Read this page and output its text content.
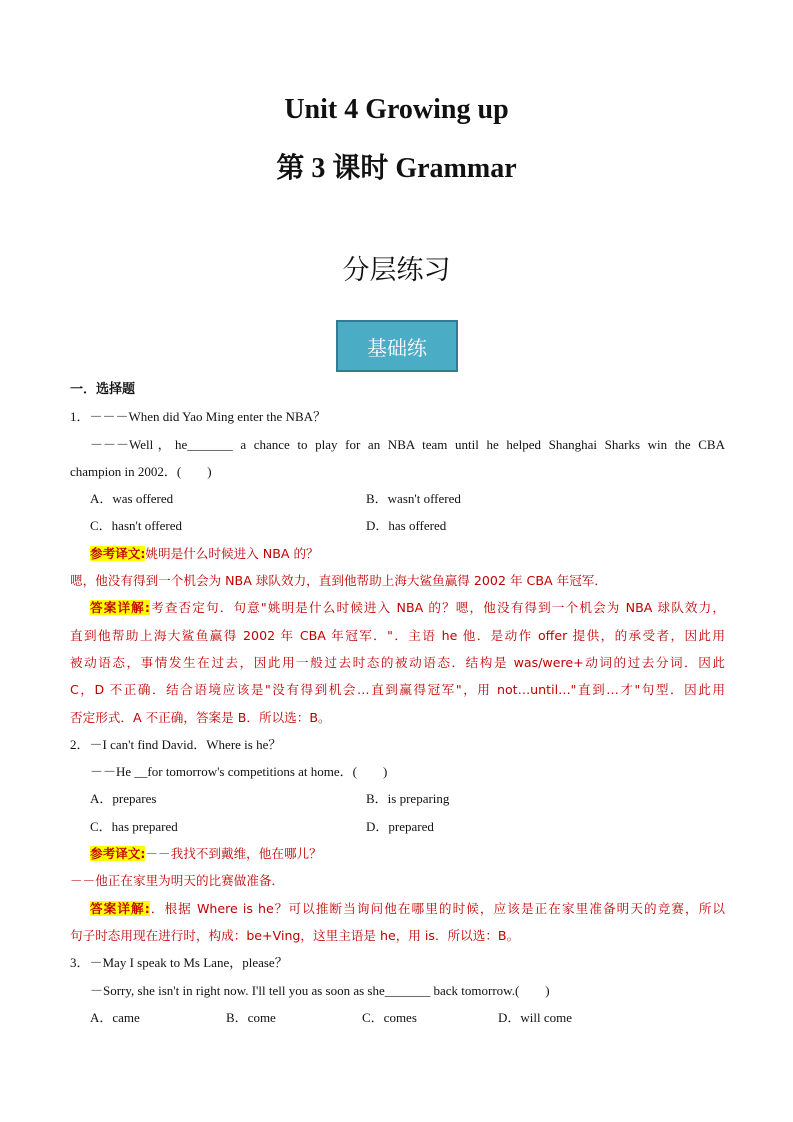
Unit 4 Growing up
第 3 课时 Grammar
分层练习
基础练
一．选择题
1．－－－When did Yao Ming enter the NBA？
－－－Well，he_______ a chance to play for an NBA team until he helped Shanghai Sharks win the CBA
champion in 2002．(　　)
A．was offered	B．wasn't offered
C．hasn't offered	D．has offered
参考译文:姚明是什么时候进入 NBA 的？
嗯，他没有得到一个机会为 NBA 球队效力，直到他帮助上海大鲨鱼赢得 2002 年 CBA 年冠军．
答案详解:考查否定句．句意"姚明是什么时候进入 NBA 的？嗯，他没有得到一个机会为 NBA 球队效力，
直到他帮助上海大鲨鱼赢得 2002 年 CBA 年冠军．"．主语 he 他．是动作 offer 提供，的承受者，因此用
被动语态，事情发生在过去，因此用一般过去时态的被动语态．结构是 was/were+动词的过去分词．因此
C，D 不正确．结合语境应该是"没有得到机会…直到赢得冠军"，用 not…until…"直到…才"句型．因此用
否定形式．A 不正确，答案是 B．所以选：B。
2．－I can't find David．Where is he？
－－He __for tomorrow's competitions at home．(　　)
A．prepares	B．is preparing
C．has prepared	D．prepared
参考译文:－－我找不到戴维，他在哪儿？
－－他正在家里为明天的比赛做准备．
答案详解:．根据 Where is he？可以推断当询问他在哪里的时候，应该是正在家里准备明天的竞赛，所以
句子时态用现在进行时，构成：be+Ving，这里主语是 he，用 is．所以选：B。
3．－May I speak to Ms Lane，please？
－Sorry, she isn't in right now. I'll tell you as soon as she_______ back tomorrow.(　　)
A．came	B．come	C．comes	D．will come
